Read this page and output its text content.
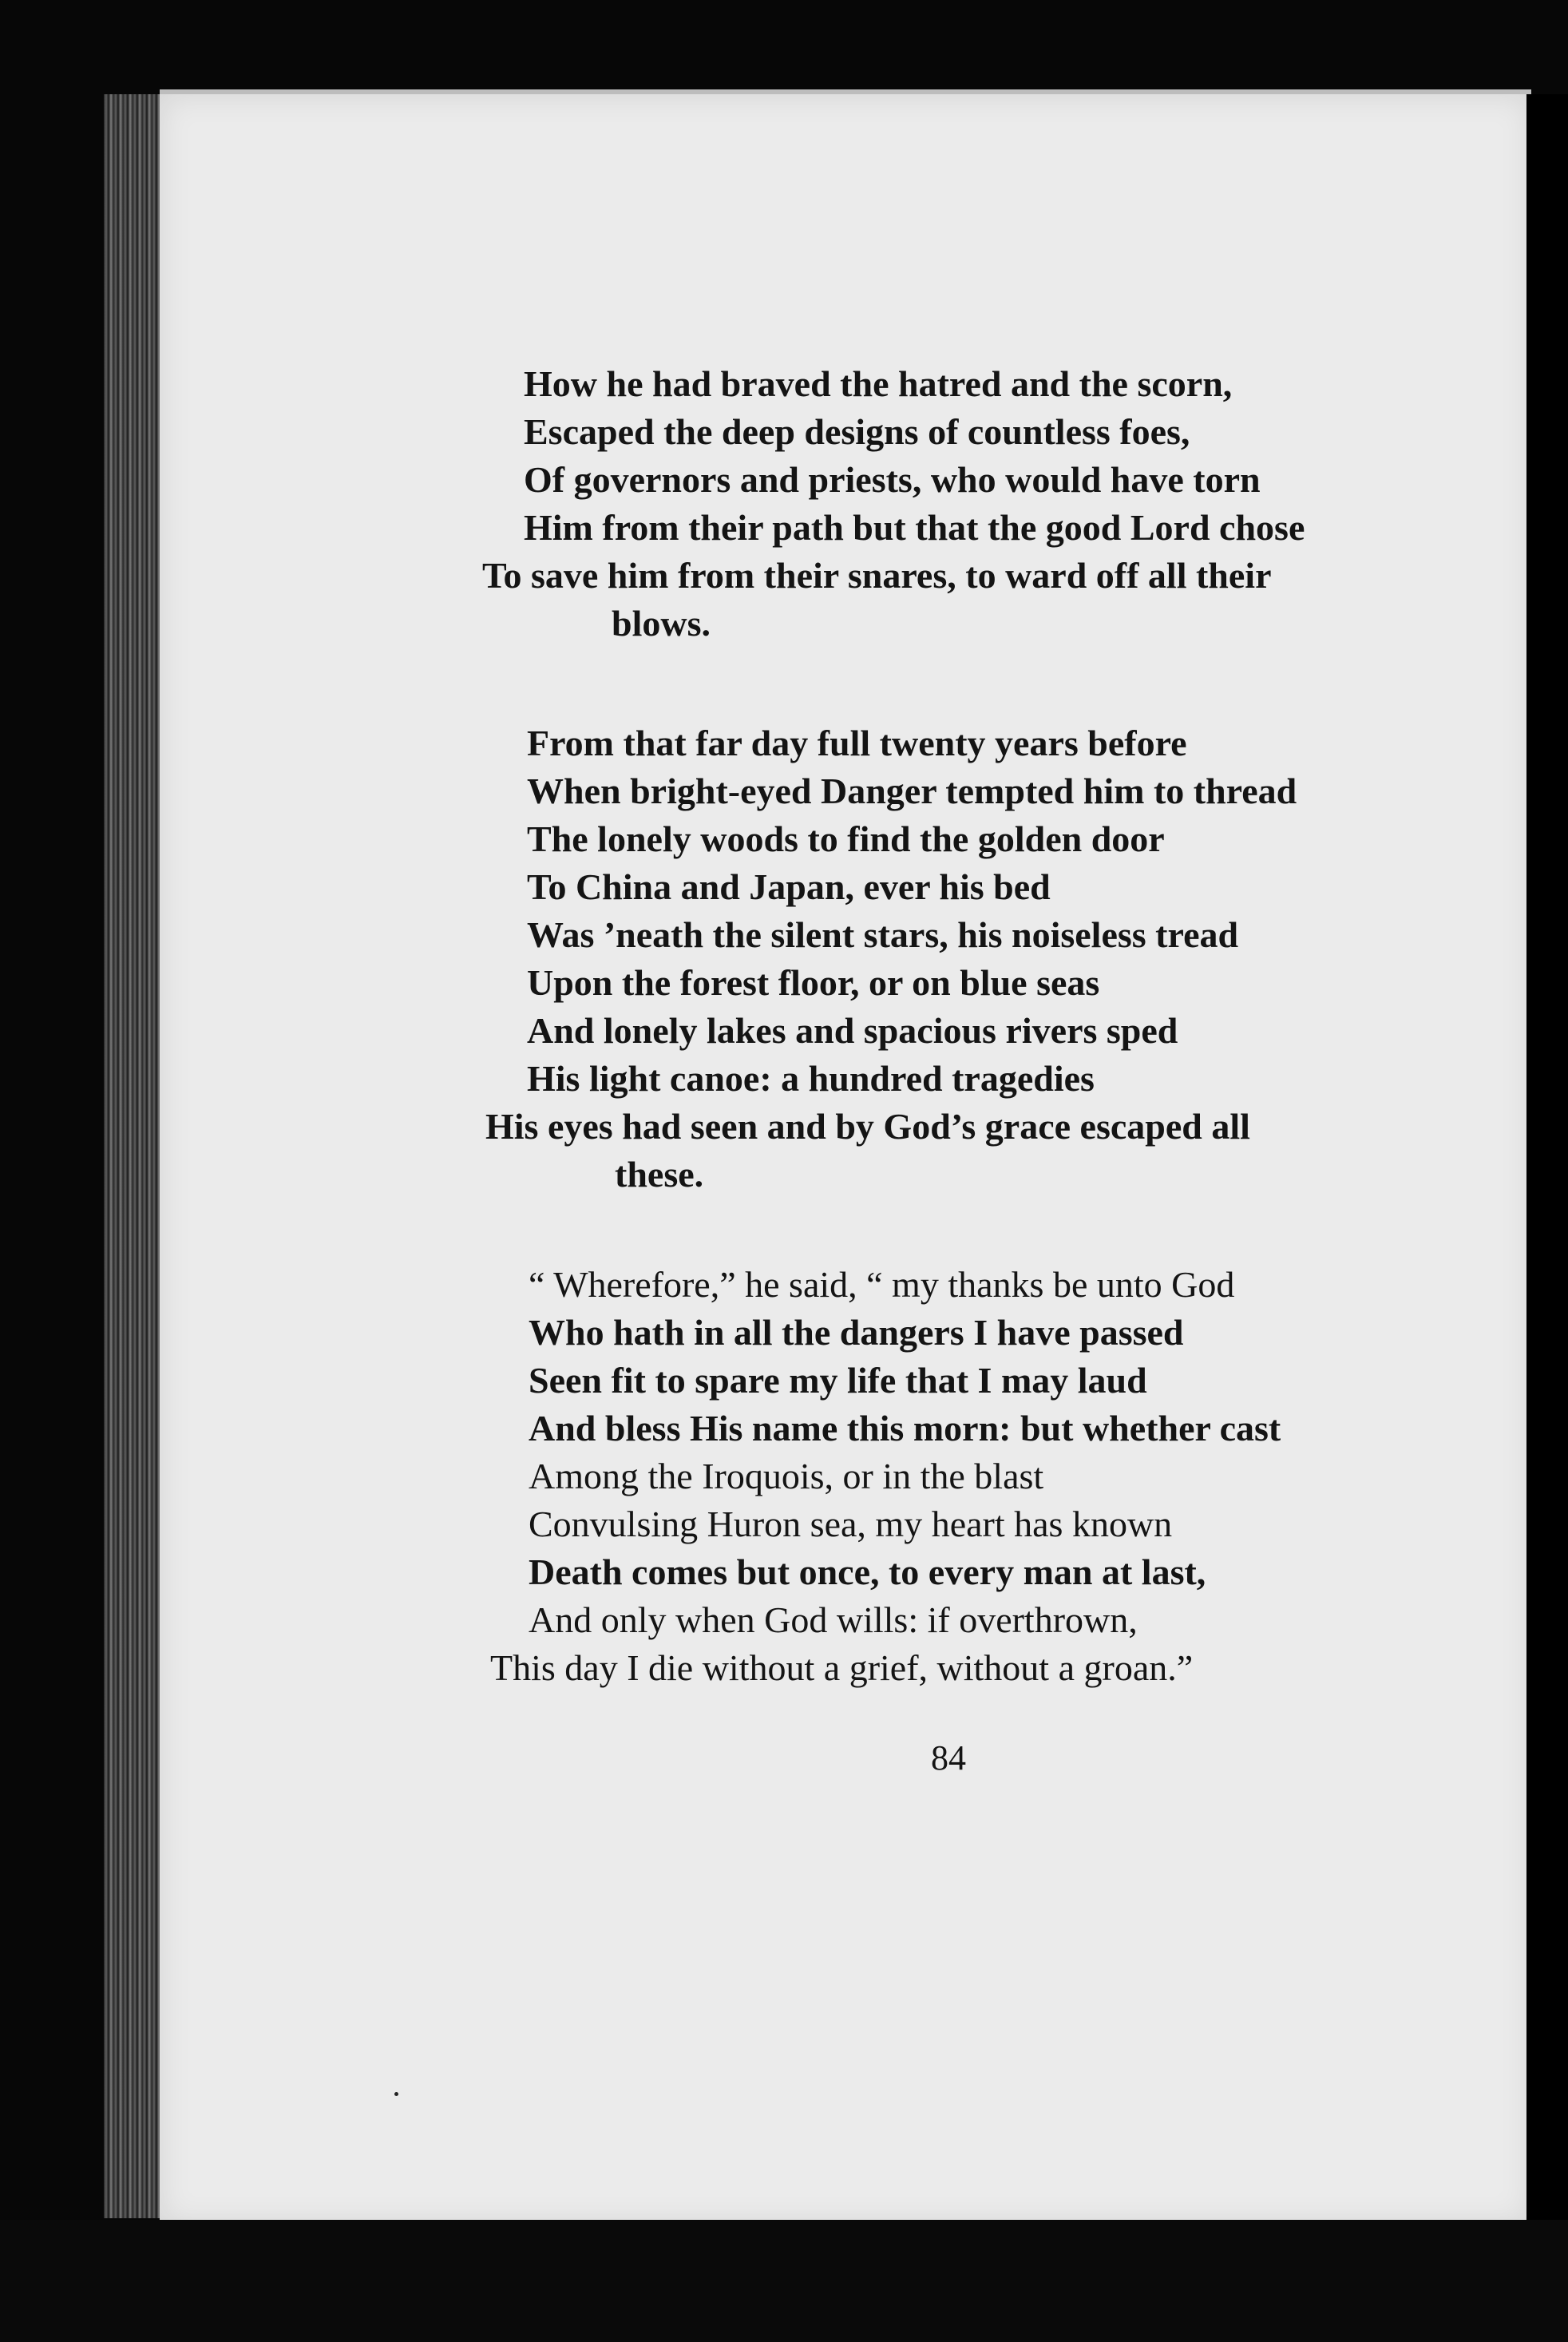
How he had braved the hatred and the scorn,
Escaped the deep designs of countless foes,
Of governors and priests, who would have torn
Him from their path but that the good Lord chose
To save him from their snares, to ward off all their
blows.
From that far day full twenty years before
When bright-eyed Danger tempted him to thread
The lonely woods to find the golden door
To China and Japan, ever his bed
Was ’neath the silent stars, his noiseless tread
Upon the forest floor, or on blue seas
And lonely lakes and spacious rivers sped
His light canoe: a hundred tragedies
His eyes had seen and by God’s grace escaped all
these.
“ Wherefore,” he said, “ my thanks be unto God
Who hath in all the dangers I have passed
Seen fit to spare my life that I may laud
And bless His name this morn: but whether cast
Among the Iroquois, or in the blast
Convulsing Huron sea, my heart has known
Death comes but once, to every man at last,
And only when God wills: if overthrown,
This day I die without a grief, without a groan.”
84
